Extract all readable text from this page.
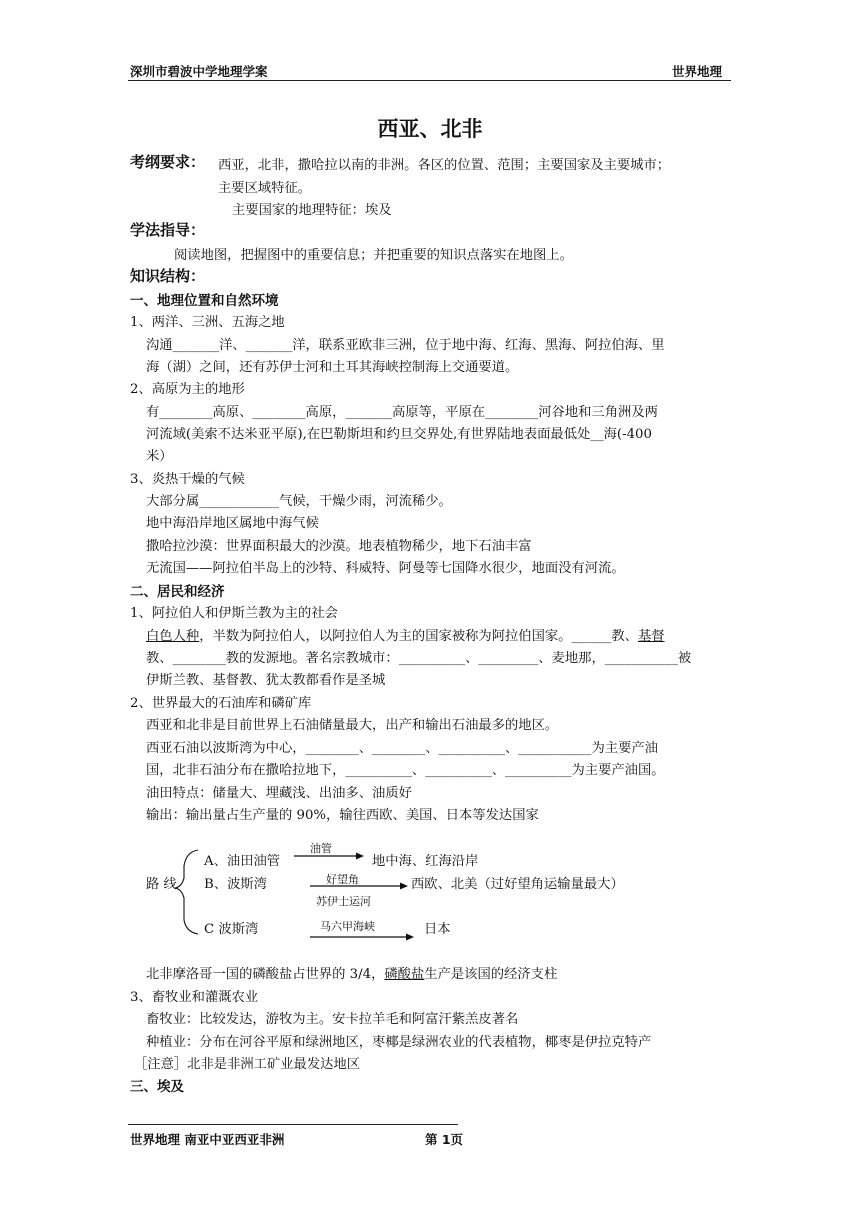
深圳市碧波中学地理学案	世界地理
西亚、北非
考纲要求： 西亚，北非，撒哈拉以南的非洲。各区的位置、范围；主要国家及主要城市；
主要区域特征。
主要国家的地理特征：埃及
学法指导：
阅读地图，把握图中的重要信息；并把重要的知识点落实在地图上。
知识结构：
一、地理位置和自然环境
1、两洋、三洲、五海之地
沟通_______洋、_______洋，联系亚欧非三洲，位于地中海、红海、黑海、阿拉伯海、里
海（湖）之间，还有苏伊士河和土耳其海峡控制海上交通要道。
2、高原为主的地形
有________高原、________高原，_______高原等，平原在________河谷地和三角洲及两
河流域(美索不达米亚平原),在巴勒斯坦和约旦交界处,有世界陆地表面最低处__海(-400
米）
3、炎热干燥的气候
大部分属____________气候，干燥少雨，河流稀少。
地中海沿岸地区属地中海气候
撒哈拉沙漠：世界面积最大的沙漠。地表植物稀少，地下石油丰富
无流国——阿拉伯半岛上的沙特、科威特、阿曼等七国降水很少，地面没有河流。
二、居民和经济
1、阿拉伯人和伊斯兰教为主的社会
白色人种，半数为阿拉伯人，以阿拉伯人为主的国家被称为阿拉伯国家。______教、基督
教、________教的发源地。著名宗教城市：__________、_________、麦地那，___________被
伊斯兰教、基督教、犹太教都看作是圣城
2、世界最大的石油库和磷矿库
西亚和北非是目前世界上石油储量最大，出产和输出石油最多的地区。
西亚石油以波斯湾为中心，________、________、__________、___________为主要产油
国，北非石油分布在撒哈拉地下，__________、__________、__________为主要产油国。
油田特点：储量大、埋藏浅、出油多、油质好
输出：输出量占生产量的 90%，输往西欧、美国、日本等发达国家
路 线
A、油田油管
油管
地中海、红海沿岸
B、波斯湾	好望角
苏伊士运河
西欧、北美（过好望角运输量最大）
C 波斯湾	马六甲海峡	日本
北非摩洛哥一国的磷酸盐占世界的 3/4，磷酸盐生产是该国的经济支柱
3、畜牧业和灌溉农业
畜牧业：比较发达，游牧为主。安卡拉羊毛和阿富汗紫羔皮著名
种植业：分布在河谷平原和绿洲地区，枣椰是绿洲农业的代表植物，椰枣是伊拉克特产
［注意］北非是非洲工矿业最发达地区
三、埃及
世界地理 南亚中亚西亚非洲	第 1页
